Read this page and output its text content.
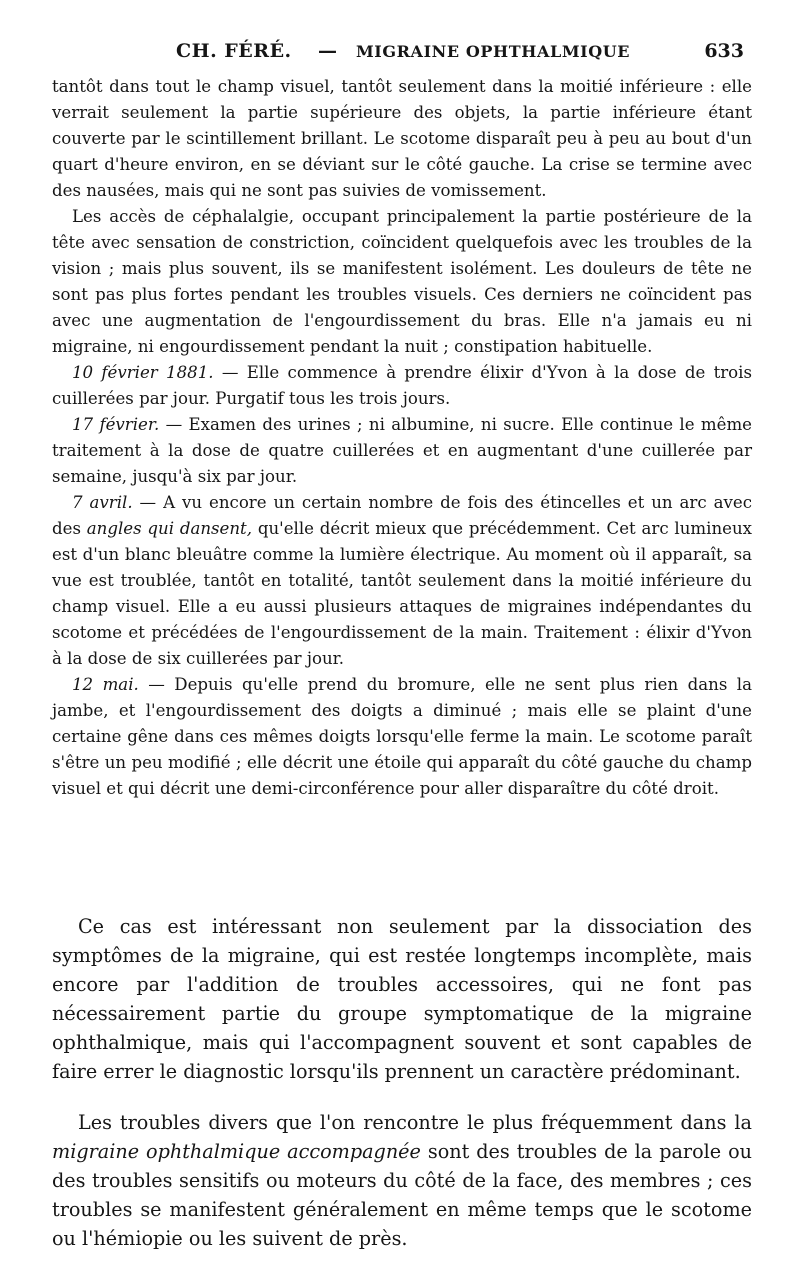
CH. FÉRÉ. — MIGRAINE OPHTHALMIQUE	633

tantôt dans tout le champ visuel, tantôt seulement dans la moitié inférieure : elle verrait seulement la partie supérieure des objets, la partie inférieure étant couverte par le scintillement brillant. Le scotome disparaît peu à peu au bout d'un quart d'heure environ, en se déviant sur le côté gauche. La crise se termine avec des nausées, mais qui ne sont pas suivies de vomissement.

Les accès de céphalalgie, occupant principalement la partie postérieure de la tête avec sensation de constriction, coïncident quelquefois avec les troubles de la vision ; mais plus souvent, ils se manifestent isolément. Les douleurs de tête ne sont pas plus fortes pendant les troubles visuels. Ces derniers ne coïncident pas avec une augmentation de l'engourdissement du bras. Elle n'a jamais eu ni migraine, ni engourdissement pendant la nuit ; constipation habituelle.

10 février 1881. — Elle commence à prendre élixir d'Yvon à la dose de trois cuillerées par jour. Purgatif tous les trois jours.

17 février. — Examen des urines ; ni albumine, ni sucre. Elle continue le même traitement à la dose de quatre cuillerées et en augmentant d'une cuillerée par semaine, jusqu'à six par jour.

7 avril. — A vu encore un certain nombre de fois des étincelles et un arc avec des angles qui dansent, qu'elle décrit mieux que précédemment. Cet arc lumineux est d'un blanc bleuâtre comme la lumière électrique. Au moment où il apparaît, sa vue est troublée, tantôt en totalité, tantôt seulement dans la moitié inférieure du champ visuel. Elle a eu aussi plusieurs attaques de migraines indépendantes du scotome et précédées de l'engourdissement de la main. Traitement : élixir d'Yvon à la dose de six cuillerées par jour.

12 mai. — Depuis qu'elle prend du bromure, elle ne sent plus rien dans la jambe, et l'engourdissement des doigts a diminué ; mais elle se plaint d'une certaine gêne dans ces mêmes doigts lorsqu'elle ferme la main. Le scotome paraît s'être un peu modifié ; elle décrit une étoile qui apparaît du côté gauche du champ visuel et qui décrit une demi-circonférence pour aller disparaître du côté droit.

Ce cas est intéressant non seulement par la dissociation des symptômes de la migraine, qui est restée longtemps incomplète, mais encore par l'addition de troubles accessoires, qui ne font pas nécessairement partie du groupe symptomatique de la migraine ophthalmique, mais qui l'accompagnent souvent et sont capables de faire errer le diagnostic lorsqu'ils prennent un caractère prédominant.

Les troubles divers que l'on rencontre le plus fréquemment dans la migraine ophthalmique accompagnée sont des troubles de la parole ou des troubles sensitifs ou moteurs du côté de la face, des membres ; ces troubles se manifestent généralement en même temps que le scotome ou l'hémiopie ou les suivent de près.
